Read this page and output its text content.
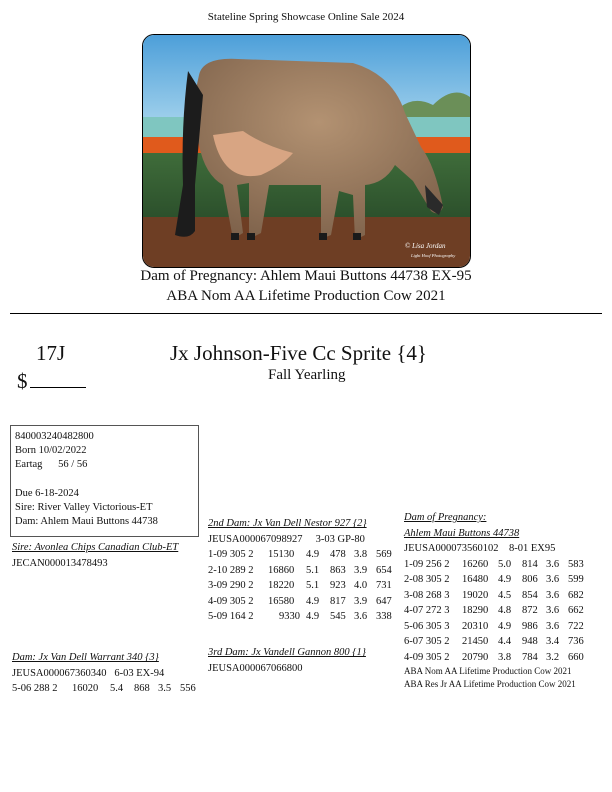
Stateline Spring Showcase Online Sale 2024
© Lisa Jordan
Light Hoof Photography
Dam of Pregnancy: Ahlem Maui Buttons 44738 EX-95
ABA Nom AA Lifetime Production Cow 2021
17J
$
Jx Johnson-Five Cc Sprite {4}
Fall Yearling
840003240482800
Born 10/02/2022
Eartag      56 / 56
Due 6-18-2024
Sire: River Valley Victorious-ET
Dam: Ahlem Maui Buttons 44738
Sire: Avonlea Chips Canadian Club-ET
JECAN000013478493
Dam: Jx Van Dell Warrant 340 {3}
JEUSA000067360340   6-03 EX-94
5-06 288 2	16020	5.4	868	3.5	556
2nd Dam: Jx Van Dell Nestor 927 {2}
JEUSA000067098927     3-03 GP-80
1-09 305 2	15130	4.9	478	3.8	569
2-10 289 2	16860	5.1	863	3.9	654
3-09 290 2	18220	5.1	923	4.0	731
4-09 305 2	16580	4.9	817	3.9	647
5-09 164 2	9330	4.9	545	3.6	338
3rd Dam: Jx Vandell Gannon 800 {1}
JEUSA000067066800
Dam of Pregnancy:
Ahlem Maui Buttons 44738
JEUSA000073560102    8-01 EX95
1-09 256 2	16260	5.0	814	3.6	583
2-08 305 2	16480	4.9	806	3.6	599
3-08 268 3	19020	4.5	854	3.6	682
4-07 272 3	18290	4.8	872	3.6	662
5-06 305 3	20310	4.9	986	3.6	722
6-07 305 2	21450	4.4	948	3.4	736
4-09 305 2	20790	3.8	784	3.2	660
ABA Nom AA Lifetime Production Cow 2021
ABA Res Jr AA Lifetime Production Cow 2021
